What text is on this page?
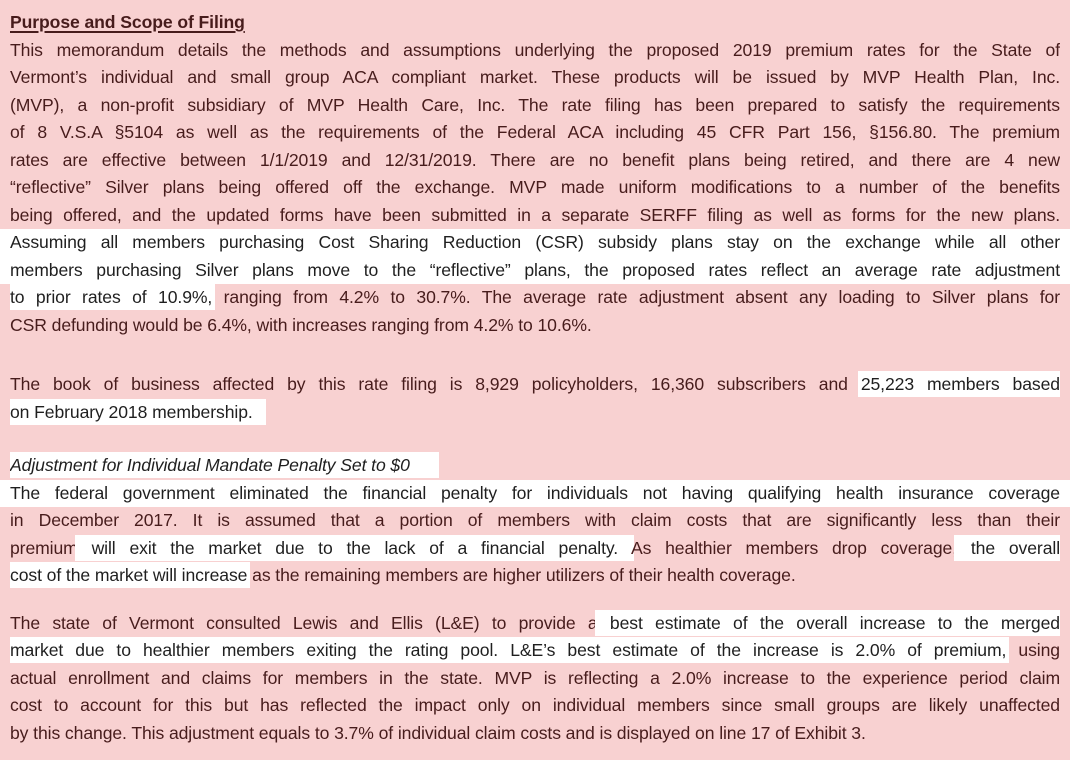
Purpose and Scope of Filing
This memorandum details the methods and assumptions underlying the proposed 2019 premium rates for the State of
Vermont’s individual and small group ACA compliant market. These products will be issued by MVP Health Plan, Inc.
(MVP), a non-profit subsidiary of MVP Health Care, Inc. The rate filing has been prepared to satisfy the requirements
of 8 V.S.A §5104 as well as the requirements of the Federal ACA including 45 CFR Part 156, §156.80. The premium
rates are effective between 1/1/2019 and 12/31/2019. There are no benefit plans being retired, and there are 4 new
“reflective” Silver plans being offered off the exchange. MVP made uniform modifications to a number of the benefits
being offered, and the updated forms have been submitted in a separate SERFF filing as well as forms for the new plans.
Assuming all members purchasing Cost Sharing Reduction (CSR) subsidy plans stay on the exchange while all other
members purchasing Silver plans move to the “reflective” plans, the proposed rates reflect an average rate adjustment
to prior rates of 10.9%, ranging from 4.2% to 30.7%. The average rate adjustment absent any loading to Silver plans for
CSR defunding would be 6.4%, with increases ranging from 4.2% to 10.6%.
The book of business affected by this rate filing is 8,929 policyholders, 16,360 subscribers and 25,223 members based
on February 2018 membership.
Adjustment for Individual Mandate Penalty Set to $0
The federal government eliminated the financial penalty for individuals not having qualifying health insurance coverage
in December 2017. It is assumed that a portion of members with claim costs that are significantly less than their
premium will exit the market due to the lack of a financial penalty. As healthier members drop coverage, the overall
cost of the market will increase as the remaining members are higher utilizers of their health coverage.
The state of Vermont consulted Lewis and Ellis (L&E) to provide a best estimate of the overall increase to the merged
market due to healthier members exiting the rating pool. L&E’s best estimate of the increase is 2.0% of premium, using
actual enrollment and claims for members in the state. MVP is reflecting a 2.0% increase to the experience period claim
cost to account for this but has reflected the impact only on individual members since small groups are likely unaffected
by this change. This adjustment equals to 3.7% of individual claim costs and is displayed on line 17 of Exhibit 3.
